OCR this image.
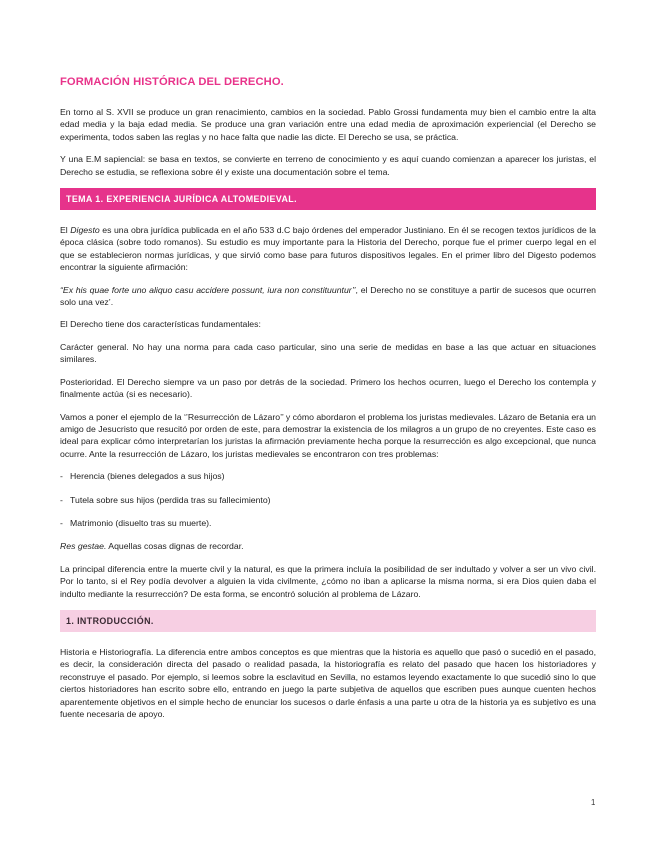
FORMACIÓN HISTÓRICA DEL DERECHO.

En torno al S. XVII se produce un gran renacimiento, cambios en la sociedad. Pablo Grossi fundamenta muy bien el cambio entre la alta edad media y la baja edad media. Se produce una gran variación entre una edad media de aproximación experiencial (el Derecho se experimenta, todos saben las reglas y no hace falta que nadie las dicte. El Derecho se usa, se práctica.

Y una E.M sapiencial: se basa en textos, se convierte en terreno de conocimiento y es aquí cuando comienzan a aparecer los juristas, el Derecho se estudia, se reflexiona sobre él y existe una documentación sobre el tema.

TEMA 1. EXPERIENCIA JURÍDICA ALTOMEDIEVAL.

El Digesto es una obra jurídica publicada en el año 533 d.C bajo órdenes del emperador Justiniano. En él se recogen textos jurídicos de la época clásica (sobre todo romanos). Su estudio es muy importante para la Historia del Derecho, porque fue el primer cuerpo legal en el que se establecieron normas jurídicas, y que sirvió como base para futuros dispositivos legales. En el primer libro del Digesto podemos encontrar la siguiente afirmación:

“Ex his quae forte uno aliquo casu accidere possunt, iura non constituuntur’’, el Derecho no se constituye a partir de sucesos que ocurren solo una vez’.

El Derecho tiene dos características fundamentales:

Carácter general. No hay una norma para cada caso particular, sino una serie de medidas en base a las que actuar en situaciones similares.

Posterioridad. El Derecho siempre va un paso por detrás de la sociedad. Primero los hechos ocurren, luego el Derecho los contempla y finalmente actúa (si es necesario).

Vamos a poner el ejemplo de la ‘’Resurrección de Lázaro’’ y cómo abordaron el problema los juristas medievales. Lázaro de Betania era un amigo de Jesucristo que resucitó por orden de este, para demostrar la existencia de los milagros a un grupo de no creyentes. Este caso es ideal para explicar cómo interpretarían los juristas la afirmación previamente hecha porque la resurrección es algo excepcional, que nunca ocurre. Ante la resurrección de Lázaro, los juristas medievales se encontraron con tres problemas:

- Herencia (bienes delegados a sus hijos)
- Tutela sobre sus hijos (perdida tras su fallecimiento)
- Matrimonio (disuelto tras su muerte).

Res gestae. Aquellas cosas dignas de recordar.

La principal diferencia entre la muerte civil y la natural, es que la primera incluía la posibilidad de ser indultado y volver a ser un vivo civil. Por lo tanto, si el Rey podía devolver a alguien la vida civilmente, ¿cómo no iban a aplicarse la misma norma, si era Dios quien daba el indulto mediante la resurrección? De esta forma, se encontró solución al problema de Lázaro.

1. INTRODUCCIÓN.

Historia e Historiografía. La diferencia entre ambos conceptos es que mientras que la historia es aquello que pasó o sucedió en el pasado, es decir, la consideración directa del pasado o realidad pasada, la historiografía es relato del pasado que hacen los historiadores y reconstruye el pasado. Por ejemplo, si leemos sobre la esclavitud en Sevilla, no estamos leyendo exactamente lo que sucedió sino lo que ciertos historiadores han escrito sobre ello, entrando en juego la parte subjetiva de aquellos que escriben pues aunque cuenten hechos aparentemente objetivos en el simple hecho de enunciar los sucesos o darle énfasis a una parte u otra de la historia ya es subjetivo es una fuente necesaria de apoyo.

1
